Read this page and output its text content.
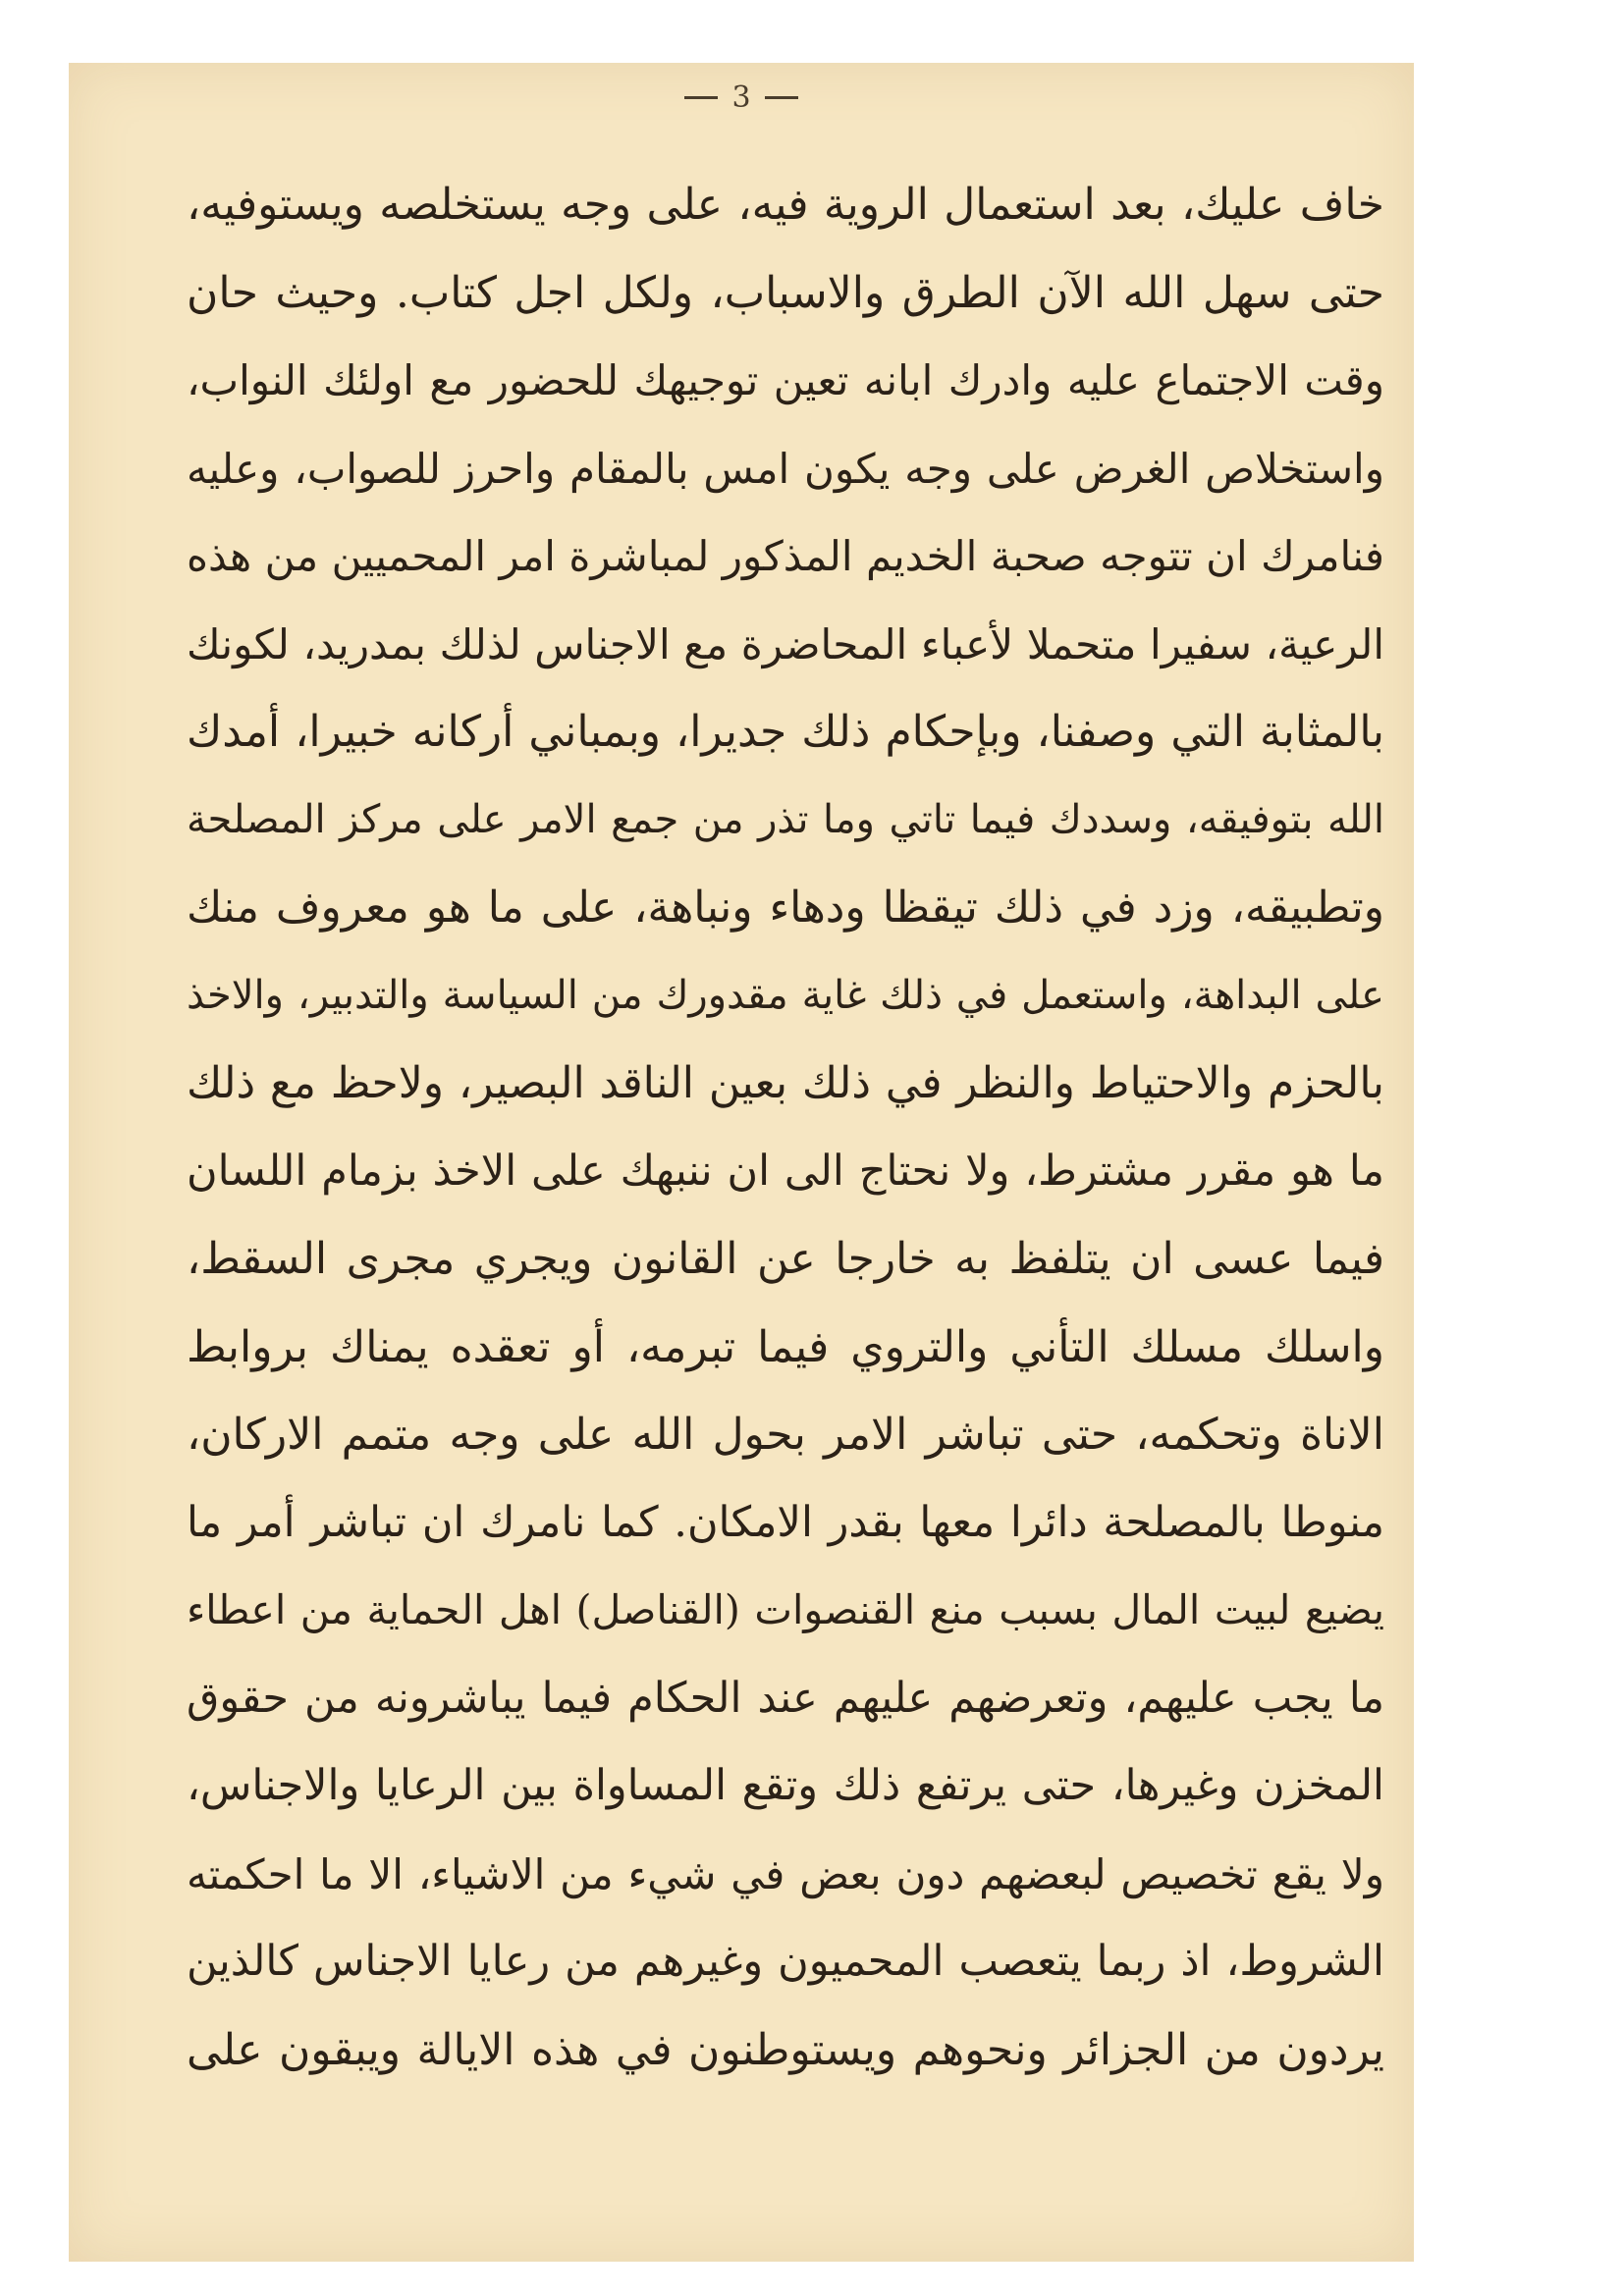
3
خاف عليك، بعد استعمال الروية فيه، على وجه يستخلصه ويستوفيه،
حتى سهل الله الآن الطرق والاسباب، ولكل اجل كتاب. وحيث حان
وقت الاجتماع عليه وادرك ابانه تعين توجيهك للحضور مع اولئك النواب،
واستخلاص الغرض على وجه يكون امس بالمقام واحرز للصواب، وعليه
فنامرك ان تتوجه صحبة الخديم المذكور لمباشرة امر المحميين من هذه
الرعية، سفيرا متحملا لأعباء المحاضرة مع الاجناس لذلك بمدريد، لكونك
بالمثابة التي وصفنا، وبإحكام ذلك جديرا، وبمباني أركانه خبيرا، أمدك
الله بتوفيقه، وسددك فيما تاتي وما تذر من جمع الامر على مركز المصلحة
وتطبيقه، وزد في ذلك تيقظا ودهاء ونباهة، على ما هو معروف منك
على البداهة، واستعمل في ذلك غاية مقدورك من السياسة والتدبير، والاخذ
بالحزم والاحتياط والنظر في ذلك بعين الناقد البصير، ولاحظ مع ذلك
ما هو مقرر مشترط، ولا نحتاج الى ان ننبهك على الاخذ بزمام اللسان
فيما عسى ان يتلفظ به خارجا عن القانون ويجري مجرى السقط،
واسلك مسلك التأني والتروي فيما تبرمه، أو تعقده يمناك بروابط
الاناة وتحكمه، حتى تباشر الامر بحول الله على وجه متمم الاركان،
منوطا بالمصلحة دائرا معها بقدر الامكان. كما نامرك ان تباشر أمر ما
يضيع لبيت المال بسبب منع القنصوات (القناصل) اهل الحماية من اعطاء
ما يجب عليهم، وتعرضهم عليهم عند الحكام فيما يباشرونه من حقوق
المخزن وغيرها، حتى يرتفع ذلك وتقع المساواة بين الرعايا والاجناس،
ولا يقع تخصيص لبعضهم دون بعض في شيء من الاشياء، الا ما احكمته
الشروط، اذ ربما يتعصب المحميون وغيرهم من رعايا الاجناس كالذين
يردون من الجزائر ونحوهم ويستوطنون في هذه الايالة ويبقون على
